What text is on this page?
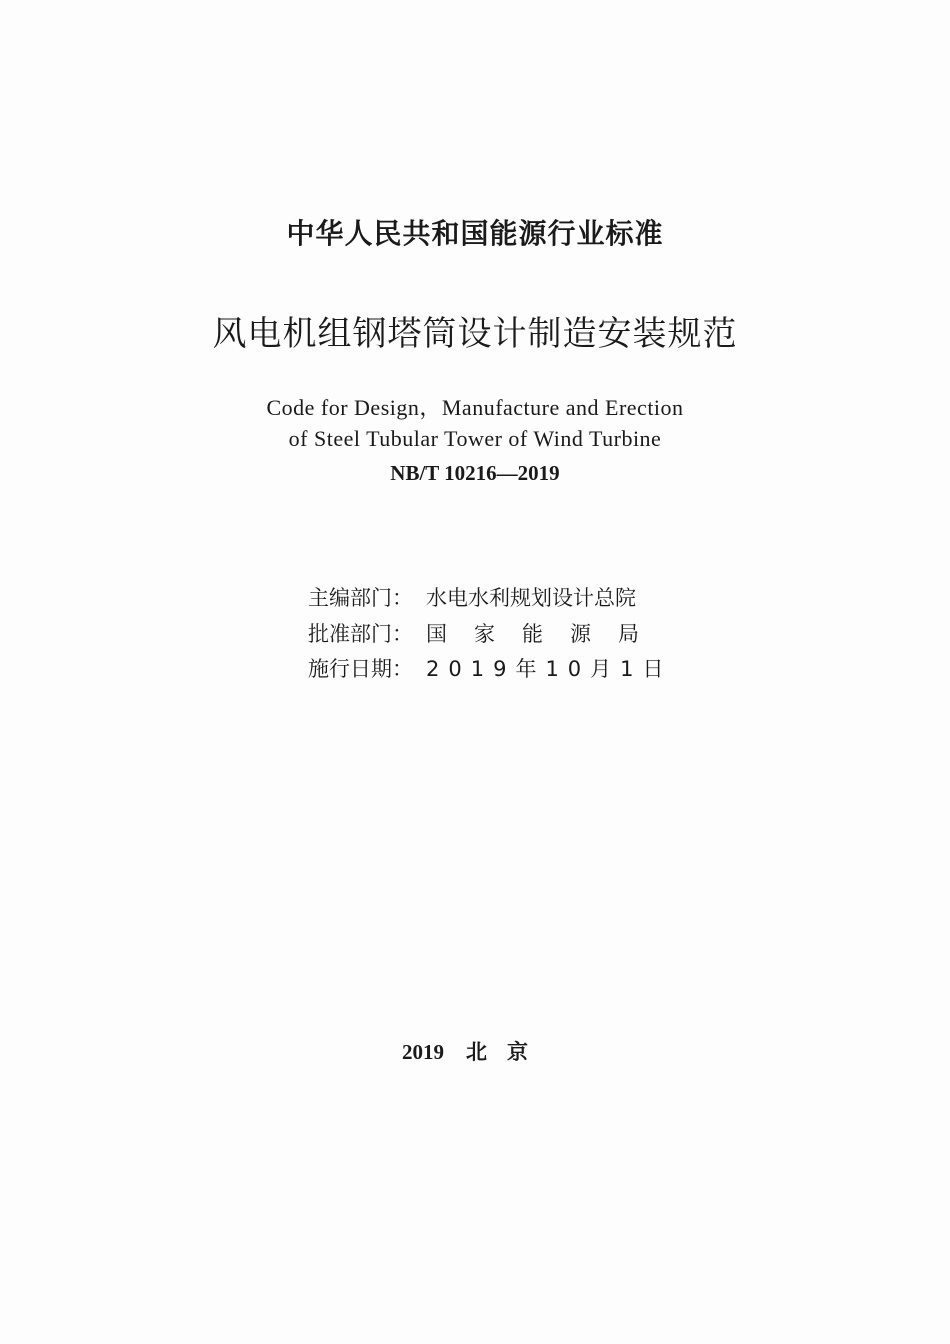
中华人民共和国能源行业标准
风电机组钢塔筒设计制造安装规范
Code for Design，Manufacture and Erection
of Steel Tubular Tower of Wind Turbine
NB/T 10216—2019
主编部门： 水电水利规划设计总院
批准部门： 国家能源局
施行日期： 2019年10月1日
2019 北京
